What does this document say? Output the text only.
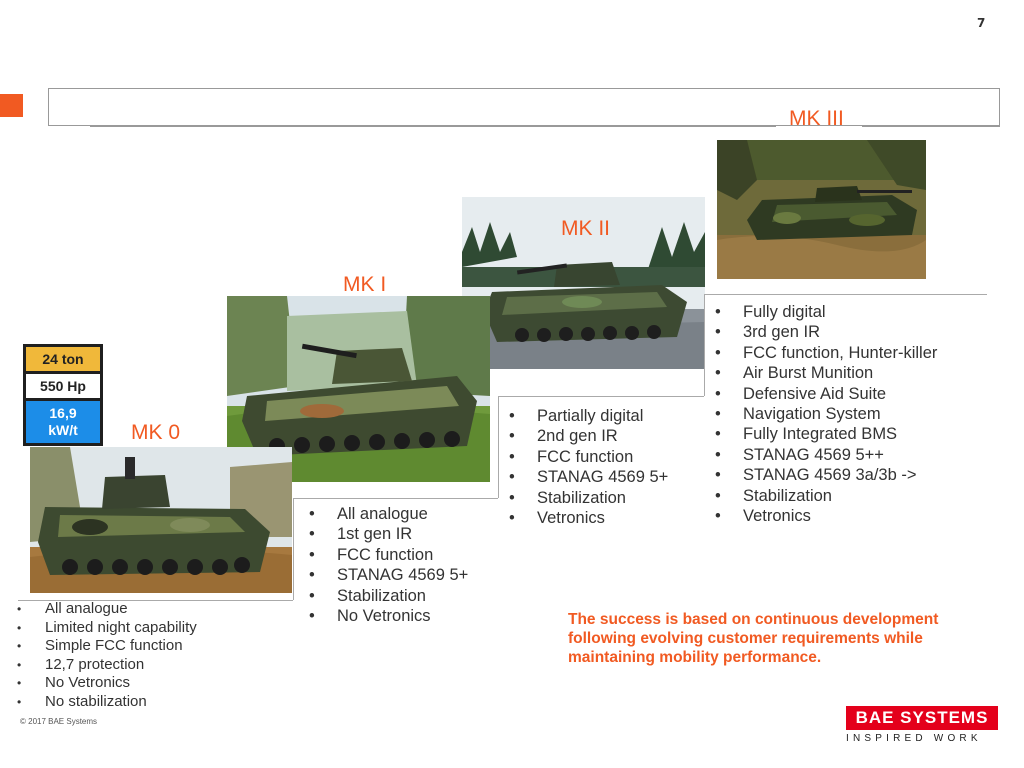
7
MK III
MK II
MK I
MK 0
24 ton
550 Hp
16,9
kW/t
• All analogue
• Limited night capability
• Simple FCC function
• 12,7 protection
• No Vetronics
• No stabilization
• All analogue
• 1st gen IR
• FCC function
• STANAG 4569 5+
• Stabilization
• No Vetronics
• Partially digital
• 2nd gen IR
• FCC function
• STANAG 4569 5+
• Stabilization
• Vetronics
• Fully digital
• 3rd gen IR
• FCC function, Hunter-killer
• Air Burst Munition
• Defensive Aid Suite
• Navigation System
• Fully Integrated BMS
• STANAG 4569 5++
• STANAG 4569 3a/3b ->
• Stabilization
• Vetronics
The success is based on continuous development following evolving customer requirements while maintaining mobility performance.
© 2017 BAE Systems	BAE SYSTEMS
INSPIRED WORK
